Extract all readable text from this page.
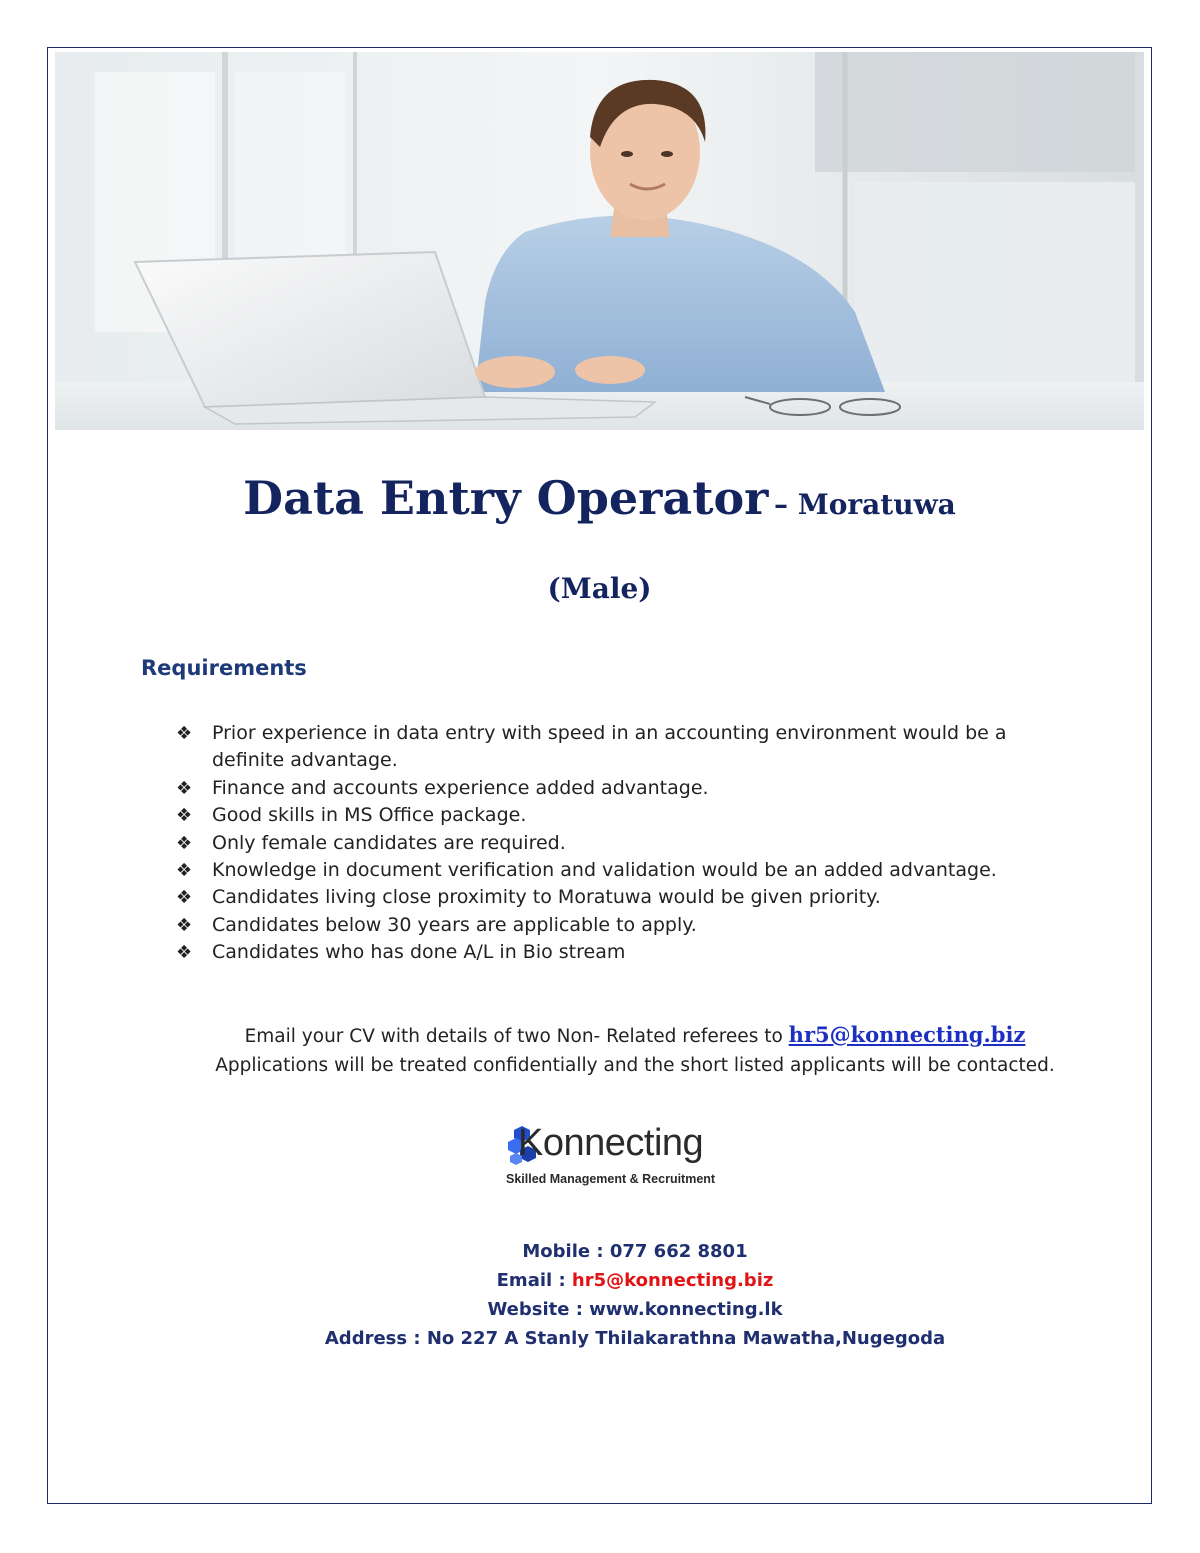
Data Entry Operator – Moratuwa
(Male)
Requirements
❖ Prior experience in data entry with speed in an accounting environment would be a definite advantage.
❖ Finance and accounts experience added advantage.
❖ Good skills in MS Office package.
❖ Only female candidates are required.
❖ Knowledge in document verification and validation would be an added advantage.
❖ Candidates living close proximity to Moratuwa would be given priority.
❖ Candidates below 30 years are applicable to apply.
❖ Candidates who has done A/L in Bio stream
Email your CV with details of two Non- Related referees to hr5@konnecting.biz
Applications will be treated confidentially and the short listed applicants will be contacted.
Konnecting
Skilled Management & Recruitment
Mobile : 077 662 8801
Email : hr5@konnecting.biz
Website : www.konnecting.lk
Address : No 227 A Stanly Thilakarathna Mawatha,Nugegoda
